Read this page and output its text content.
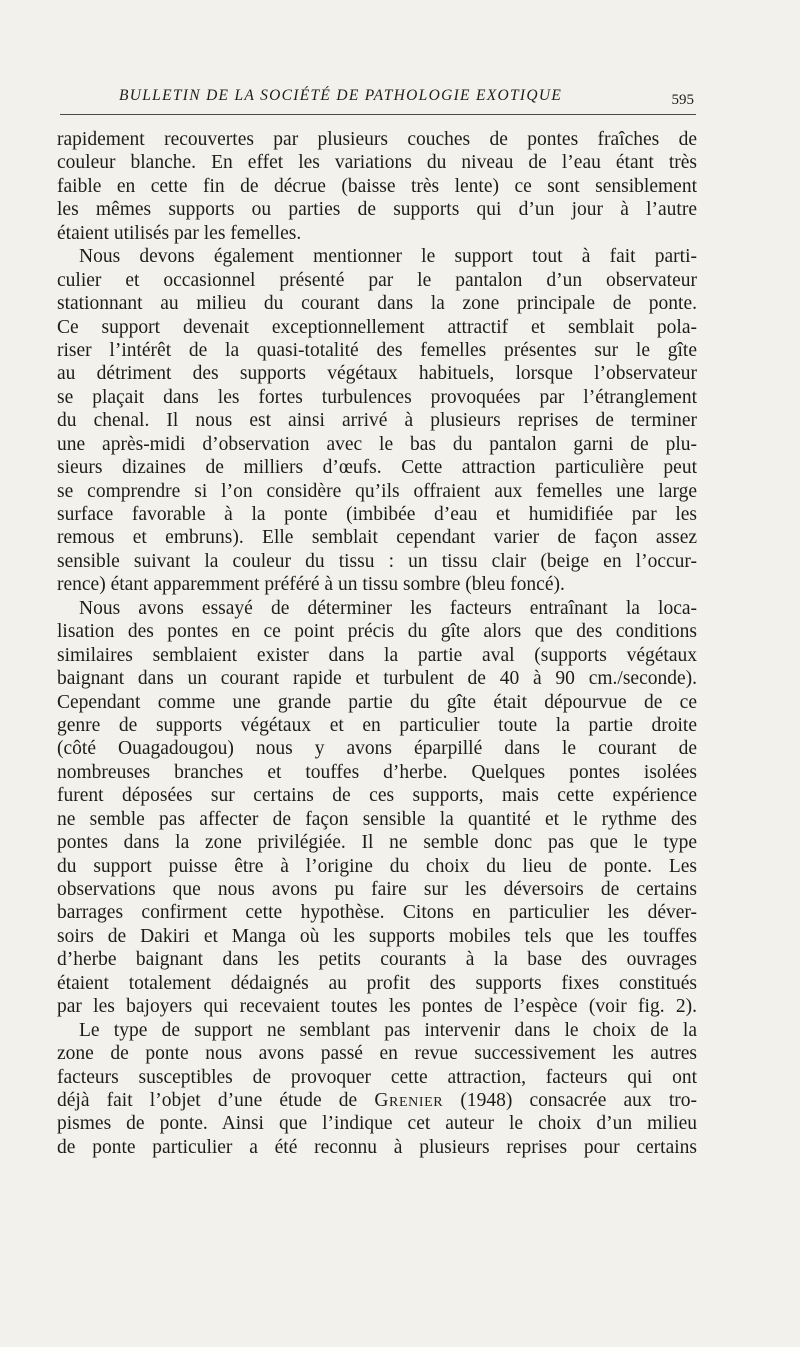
BULLETIN DE LA SOCIÉTÉ DE PATHOLOGIE EXOTIQUE	595
rapidement recouvertes par plusieurs couches de pontes fraîches de
couleur blanche. En effet les variations du niveau de l’eau étant très
faible en cette fin de décrue (baisse très lente) ce sont sensiblement
les mêmes supports ou parties de supports qui d’un jour à l’autre
étaient utilisés par les femelles.
Nous devons également mentionner le support tout à fait parti-
culier et occasionnel présenté par le pantalon d’un observateur
stationnant au milieu du courant dans la zone principale de ponte.
Ce support devenait exceptionnellement attractif et semblait pola-
riser l’intérêt de la quasi-totalité des femelles présentes sur le gîte
au détriment des supports végétaux habituels, lorsque l’observateur
se plaçait dans les fortes turbulences provoquées par l’étranglement
du chenal. Il nous est ainsi arrivé à plusieurs reprises de terminer
une après-midi d’observation avec le bas du pantalon garni de plu-
sieurs dizaines de milliers d’œufs. Cette attraction particulière peut
se comprendre si l’on considère qu’ils offraient aux femelles une large
surface favorable à la ponte (imbibée d’eau et humidifiée par les
remous et embruns). Elle semblait cependant varier de façon assez
sensible suivant la couleur du tissu : un tissu clair (beige en l’occur-
rence) étant apparemment préféré à un tissu sombre (bleu foncé).
Nous avons essayé de déterminer les facteurs entraînant la loca-
lisation des pontes en ce point précis du gîte alors que des conditions
similaires semblaient exister dans la partie aval (supports végétaux
baignant dans un courant rapide et turbulent de 40 à 90 cm./seconde).
Cependant comme une grande partie du gîte était dépourvue de ce
genre de supports végétaux et en particulier toute la partie droite
(côté Ouagadougou) nous y avons éparpillé dans le courant de
nombreuses branches et touffes d’herbe. Quelques pontes isolées
furent déposées sur certains de ces supports, mais cette expérience
ne semble pas affecter de façon sensible la quantité et le rythme des
pontes dans la zone privilégiée. Il ne semble donc pas que le type
du support puisse être à l’origine du choix du lieu de ponte. Les
observations que nous avons pu faire sur les déversoirs de certains
barrages confirment cette hypothèse. Citons en particulier les déver-
soirs de Dakiri et Manga où les supports mobiles tels que les touffes
d’herbe baignant dans les petits courants à la base des ouvrages
étaient totalement dédaignés au profit des supports fixes constitués
par les bajoyers qui recevaient toutes les pontes de l’espèce (voir fig. 2).
Le type de support ne semblant pas intervenir dans le choix de la
zone de ponte nous avons passé en revue successivement les autres
facteurs susceptibles de provoquer cette attraction, facteurs qui ont
déjà fait l’objet d’une étude de Grenier (1948) consacrée aux tro-
pismes de ponte. Ainsi que l’indique cet auteur le choix d’un milieu
de ponte particulier a été reconnu à plusieurs reprises pour certains
